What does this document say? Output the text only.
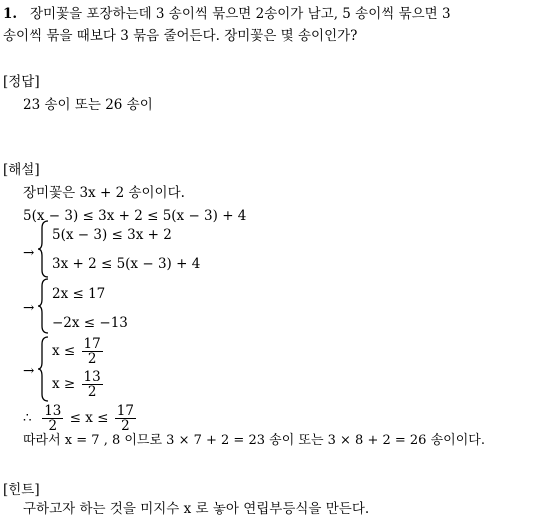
1. 장미꽃을 포장하는데 3 송이씩 묶으면 2송이가 남고, 5 송이씩 묶으면 3
송이씩 묶을 때보다 3 묶음 줄어든다. 장미꽃은 몇 송이인가?
[정답]
23 송이 또는 26 송이
[해설]
장미꽃은 3x + 2 송이이다.
5(x − 3) ≤ 3x + 2 ≤ 5(x − 3) + 4
→
5(x − 3) ≤ 3x + 2
3x + 2 ≤ 5(x − 3) + 4
→
2x ≤ 17
−2x ≤ −13
→
$x \le \frac{17}{2}$
$x \ge \frac{13}{2}$
∴ $\frac{13}{2} \le x \le \frac{17}{2}$
따라서 x = 7 , 8 이므로 3 × 7 + 2 = 23 송이 또는 3 × 8 + 2 = 26 송이이다.
[힌트]
구하고자 하는 것을 미지수 x 로 놓아 연립부등식을 만든다.
